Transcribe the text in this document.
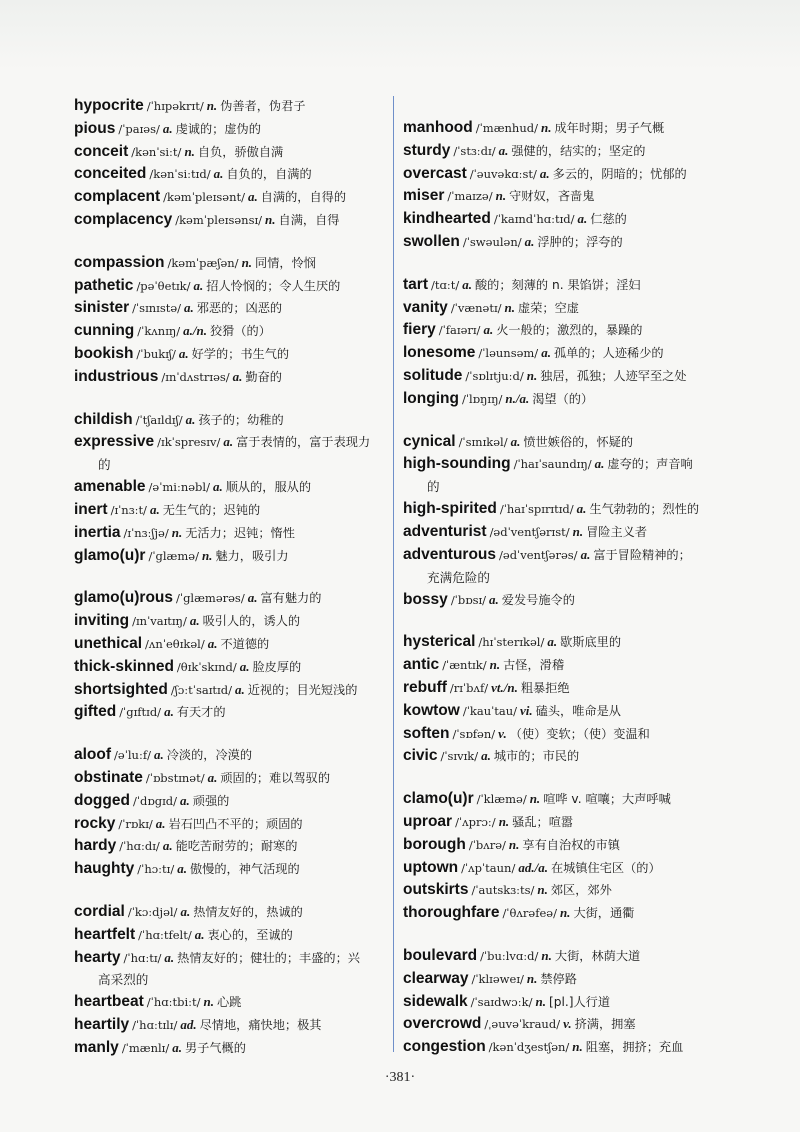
hypocrite /ˈhɪpəkrɪt/ n. 伪善者，伪君子
pious /ˈpaɪəs/ a. 虔诚的；虚伪的
conceit /kənˈsiːt/ n. 自负，骄傲自满
conceited /kənˈsiːtɪd/ a. 自负的，自满的
complacent /kəmˈpleɪsənt/ a. 自满的，自得的
complacency /kəmˈpleɪsənsɪ/ n. 自满，自得
compassion /kəmˈpæʃən/ n. 同情，怜悯
pathetic /pəˈθetɪk/ a. 招人怜悯的；令人生厌的
sinister /ˈsɪnɪstə/ a. 邪恶的；凶恶的
cunning /ˈkʌnɪŋ/ a./n. 狡猾（的）
bookish /ˈbukɪʃ/ a. 好学的；书生气的
industrious /ɪnˈdʌstrɪəs/ a. 勤奋的
childish /ˈtʃaɪldɪʃ/ a. 孩子的；幼稚的
expressive /ɪkˈspresɪv/ a. 富于表情的，富于表现力
的
amenable /əˈmiːnəbl/ a. 顺从的，服从的
inert /ɪˈnɜːt/ a. 无生气的；迟钝的
inertia /ɪˈnɜːʃjə/ n. 无活力；迟钝；惰性
glamo(u)r /ˈglæmə/ n. 魅力，吸引力
glamo(u)rous /ˈglæmərəs/ a. 富有魅力的
inviting /ɪnˈvaɪtɪŋ/ a. 吸引人的，诱人的
unethical /ʌnˈeθɪkəl/ a. 不道德的
thick-skinned /θɪkˈskɪnd/ a. 脸皮厚的
shortsighted /ʃɔːtˈsaɪtɪd/ a. 近视的；目光短浅的
gifted /ˈgɪftɪd/ a. 有天才的
aloof /əˈluːf/ a. 冷淡的，冷漠的
obstinate /ˈɒbstɪnət/ a. 顽固的；难以驾驭的
dogged /ˈdɒgɪd/ a. 顽强的
rocky /ˈrɒkɪ/ a. 岩石凹凸不平的；顽固的
hardy /ˈhɑːdɪ/ a. 能吃苦耐劳的；耐寒的
haughty /ˈhɔːtɪ/ a. 傲慢的，神气活现的
cordial /ˈkɔːdjəl/ a. 热情友好的，热诚的
heartfelt /ˈhɑːtfelt/ a. 衷心的，至诚的
hearty /ˈhɑːtɪ/ a. 热情友好的；健壮的；丰盛的；兴
高采烈的
heartbeat /ˈhɑːtbiːt/ n. 心跳
heartily /ˈhɑːtɪlɪ/ ad. 尽情地，痛快地；极其
manly /ˈmænlɪ/ a. 男子气概的
manhood /ˈmænhud/ n. 成年时期；男子气概
sturdy /ˈstɜːdɪ/ a. 强健的，结实的；坚定的
overcast /ˈəuvəkɑːst/ a. 多云的，阴暗的；忧郁的
miser /ˈmaɪzə/ n. 守财奴，吝啬鬼
kindhearted /ˈkaɪndˈhɑːtɪd/ a. 仁慈的
swollen /ˈswəulən/ a. 浮肿的；浮夸的
tart /tɑːt/ a. 酸的；刻薄的 n. 果馅饼；淫妇
vanity /ˈvænətɪ/ n. 虚荣；空虚
fiery /ˈfaɪərɪ/ a. 火一般的；激烈的，暴躁的
lonesome /ˈləunsəm/ a. 孤单的；人迹稀少的
solitude /ˈsɒlɪtjuːd/ n. 独居，孤独；人迹罕至之处
longing /ˈlɒŋɪŋ/ n./a. 渴望（的）
cynical /ˈsɪnɪkəl/ a. 愤世嫉俗的，怀疑的
high-sounding /ˈhaɪˈsaundɪŋ/ a. 虚夸的；声音响
的
high-spirited /ˈhaɪˈspɪrɪtɪd/ a. 生气勃勃的；烈性的
adventurist /ədˈventʃərɪst/ n. 冒险主义者
adventurous /ədˈventʃərəs/ a. 富于冒险精神的；
充满危险的
bossy /ˈbɒsɪ/ a. 爱发号施令的
hysterical /hɪˈsterɪkəl/ a. 歇斯底里的
antic /ˈæntɪk/ n. 古怪，滑稽
rebuff /rɪˈbʌf/ vt./n. 粗暴拒绝
kowtow /ˈkauˈtau/ vi. 磕头，唯命是从
soften /ˈsɒfən/ v. （使）变软；（使）变温和
civic /ˈsɪvɪk/ a. 城市的；市民的
clamo(u)r /ˈklæmə/ n. 喧哗 v. 喧嚷；大声呼喊
uproar /ˈʌprɔː/ n. 骚乱；喧嚣
borough /ˈbʌrə/ n. 享有自治权的市镇
uptown /ˈʌpˈtaun/ ad./a. 在城镇住宅区（的）
outskirts /ˈautskɜːts/ n. 郊区，郊外
thoroughfare /ˈθʌrəfeə/ n. 大街，通衢
boulevard /ˈbuːlvɑːd/ n. 大街，林荫大道
clearway /ˈklɪəweɪ/ n. 禁停路
sidewalk /ˈsaɪdwɔːk/ n. [pl.]人行道
overcrowd /ˌəuvəˈkraud/ v. 挤满，拥塞
congestion /kənˈdʒestʃən/ n. 阻塞，拥挤；充血
·381·
